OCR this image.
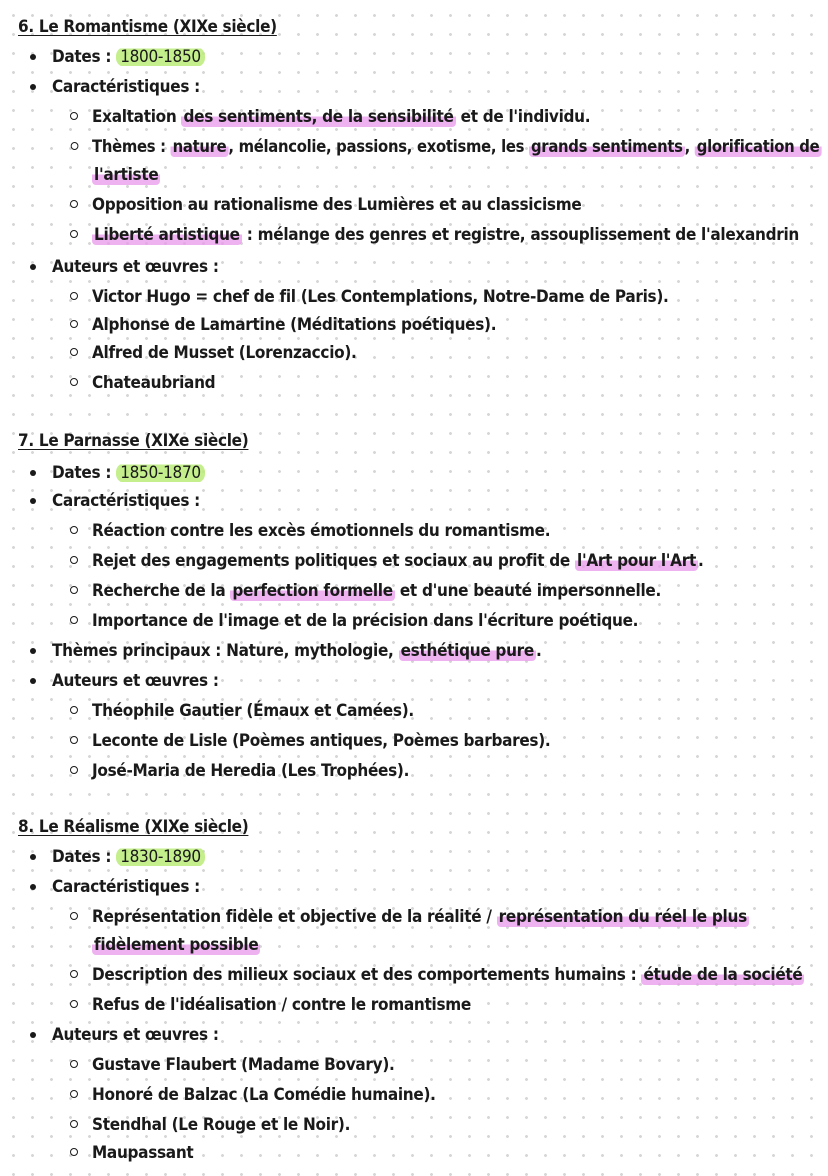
6. Le Romantisme (XIXe siècle)
Dates : 1800-1850
Caractéristiques :
Exaltation des sentiments, de la sensibilité et de l'individu.
Thèmes : nature , mélancolie, passions, exotisme, les grands sentiments , glorification de
l'artiste
Opposition au rationalisme des Lumières et au classicisme
Liberté artistique : mélange des genres et registre, assouplissement de l'alexandrin
Auteurs et œuvres :
Victor Hugo = chef de fil (Les Contemplations, Notre-Dame de Paris).
Alphonse de Lamartine (Méditations poétiques).
Alfred de Musset (Lorenzaccio).
Chateaubriand
7. Le Parnasse (XIXe siècle)
Dates : 1850-1870
Caractéristiques :
Réaction contre les excès émotionnels du romantisme.
Rejet des engagements politiques et sociaux au profit de l'Art pour l'Art .
Recherche de la perfection formelle et d'une beauté impersonnelle.
Importance de l'image et de la précision dans l'écriture poétique.
Thèmes principaux : Nature, mythologie, esthétique pure .
Auteurs et œuvres :
Théophile Gautier (Émaux et Camées).
Leconte de Lisle (Poèmes antiques, Poèmes barbares).
José-Maria de Heredia (Les Trophées).
8. Le Réalisme (XIXe siècle)
Dates : 1830-1890
Caractéristiques :
Représentation fidèle et objective de la réalité / représentation du réel le plus
fidèlement possible
Description des milieux sociaux et des comportements humains : étude de la société
Refus de l'idéalisation / contre le romantisme
Auteurs et œuvres :
Gustave Flaubert (Madame Bovary).
Honoré de Balzac (La Comédie humaine).
Stendhal (Le Rouge et le Noir).
Maupassant
